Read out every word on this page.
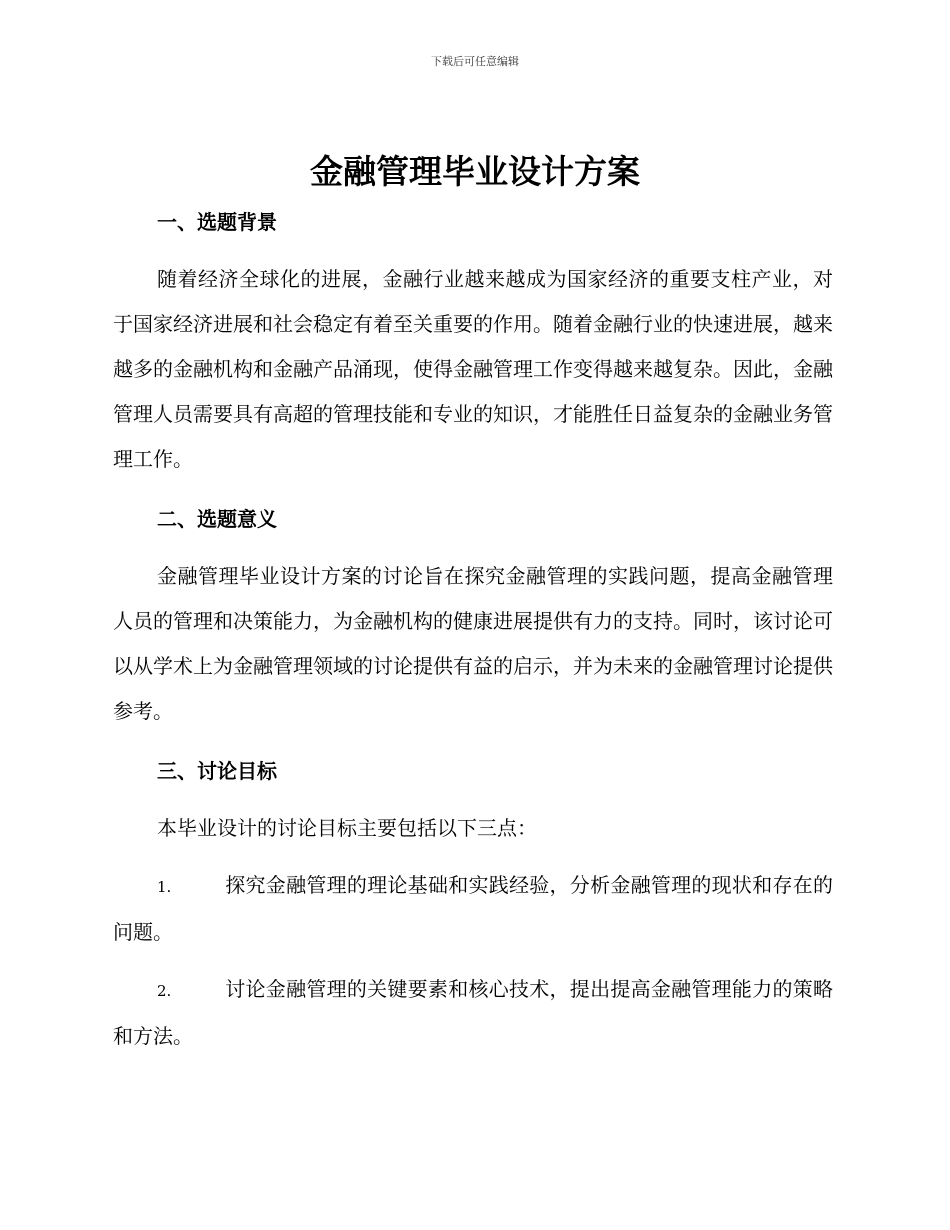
下载后可任意编辑
金融管理毕业设计方案
一、选题背景

随着经济全球化的进展，金融行业越来越成为国家经济的重要支柱产业，对于国家经济进展和社会稳定有着至关重要的作用。随着金融行业的快速进展，越来越多的金融机构和金融产品涌现，使得金融管理工作变得越来越复杂。因此，金融管理人员需要具有高超的管理技能和专业的知识，才能胜任日益复杂的金融业务管理工作。

二、选题意义

金融管理毕业设计方案的讨论旨在探究金融管理的实践问题，提高金融管理人员的管理和决策能力，为金融机构的健康进展提供有力的支持。同时，该讨论可以从学术上为金融管理领域的讨论提供有益的启示，并为未来的金融管理讨论提供参考。

三、讨论目标

本毕业设计的讨论目标主要包括以下三点：

1.	探究金融管理的理论基础和实践经验，分析金融管理的现状和存在的问题。

2.	讨论金融管理的关键要素和核心技术，提出提高金融管理能力的策略和方法。
